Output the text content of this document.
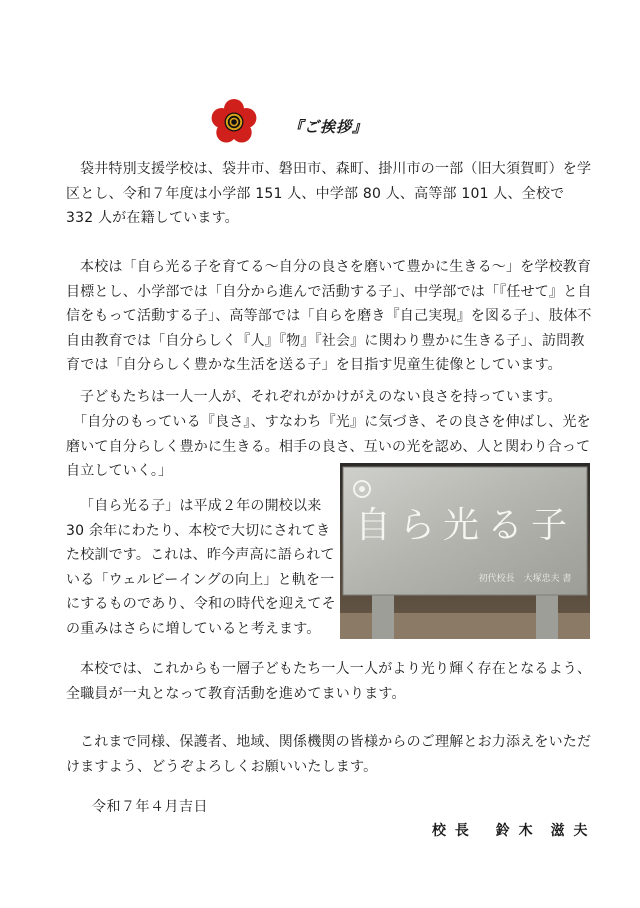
『ご挨拶』

袋井特別支援学校は、袋井市、磐田市、森町、掛川市の一部（旧大須賀町）を学区とし、令和７年度は小学部 151 人、中学部 80 人、高等部 101 人、全校で 332 人が在籍しています。

本校は「自ら光る子を育てる～自分の良さを磨いて豊かに生きる～」を学校教育目標とし、小学部では「自分から進んで活動する子」、中学部では「『任せて』と自信をもって活動する子」、高等部では「自らを磨き『自己実現』を図る子」、肢体不自由教育では「自分らしく『人』『物』『社会』に関わり豊かに生きる子」、訪問教育では「自分らしく豊かな生活を送る子」を目指す児童生徒像としています。

子どもたちは一人一人が、それぞれがかけがえのない良さを持っています。

「自分のもっている『良さ』、すなわち『光』に気づき、その良さを伸ばし、光を磨いて自分らしく豊かに生きる。相手の良さ、互いの光を認め、人と関わり合って自立していく。」

「自ら光る子」は平成２年の開校以来 30 余年にわたり、本校で大切にされてきた校訓です。これは、昨今声高に語られている「ウェルビーイングの向上」と軌を一にするものであり、令和の時代を迎えてその重みはさらに増していると考えます。

自ら光る子
初代校長　大塚忠夫 書

本校では、これからも一層子どもたち一人一人がより光り輝く存在となるよう、全職員が一丸となって教育活動を進めてまいります。

これまで同様、保護者、地域、関係機関の皆様からのご理解とお力添えをいただけますよう、どうぞよろしくお願いいたします。

令和７年４月吉日
校 長 鈴 木　滋 夫
